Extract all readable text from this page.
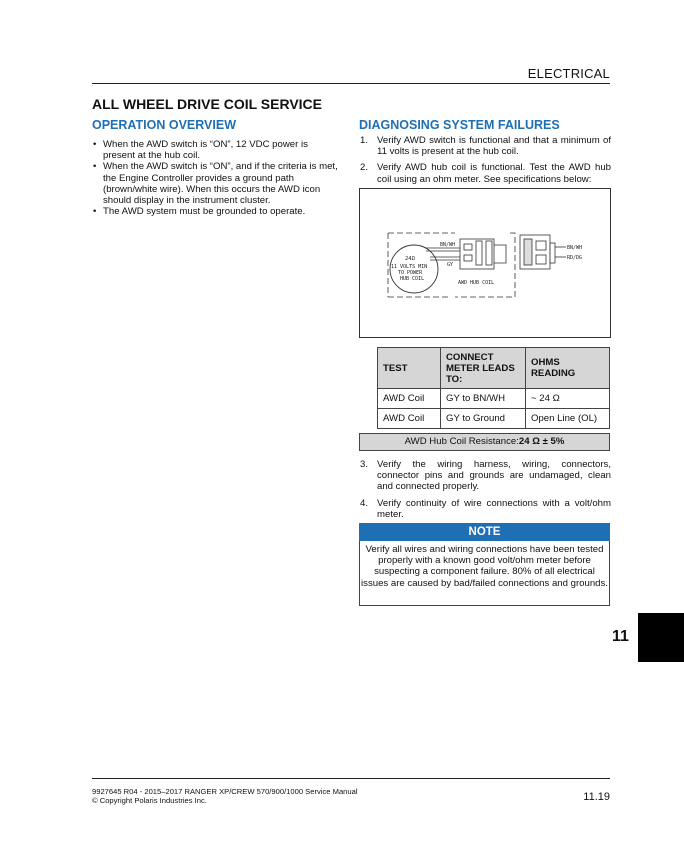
ELECTRICAL
ALL WHEEL DRIVE COIL SERVICE
OPERATION OVERVIEW
• When the AWD switch is “ON”, 12 VDC power is present at the hub coil.
• When the AWD switch is “ON”, and if the criteria is met, the Engine Controller provides a ground path (brown/white wire). When this occurs the AWD icon should display in the instrument cluster.
• The AWD system must be grounded to operate.
DIAGNOSING SYSTEM FAILURES
1. Verify AWD switch is functional and that a minimum of 11 volts is present at the hub coil.
2. Verify AWD hub coil is functional. Test the AWD hub coil using an ohm meter. See specifications below:
24Ω
11 VOLTS MIN
TO POWER
HUB COIL
BN/WH
GY
AWD HUB COIL
BN/WH
RD/DG
TEST	CONNECT METER LEADS TO:	OHMS READING
AWD Coil	GY to BN/WH	~ 24 Ω
AWD Coil	GY to Ground	Open Line (OL)
AWD Hub Coil Resistance:24 Ω ± 5%
3. Verify the wiring harness, wiring, connectors, connector pins and grounds are undamaged, clean and connected properly.
4. Verify continuity of wire connections with a volt/ohm meter.
NOTE
Verify all wires and wiring connections have been tested properly with a known good volt/ohm meter before suspecting a component failure. 80% of all electrical issues are caused by bad/failed connections and grounds.
11
9927645 R04 - 2015–2017 RANGER XP/CREW 570/900/1000 Service Manual
© Copyright Polaris Industries Inc.	11.19
